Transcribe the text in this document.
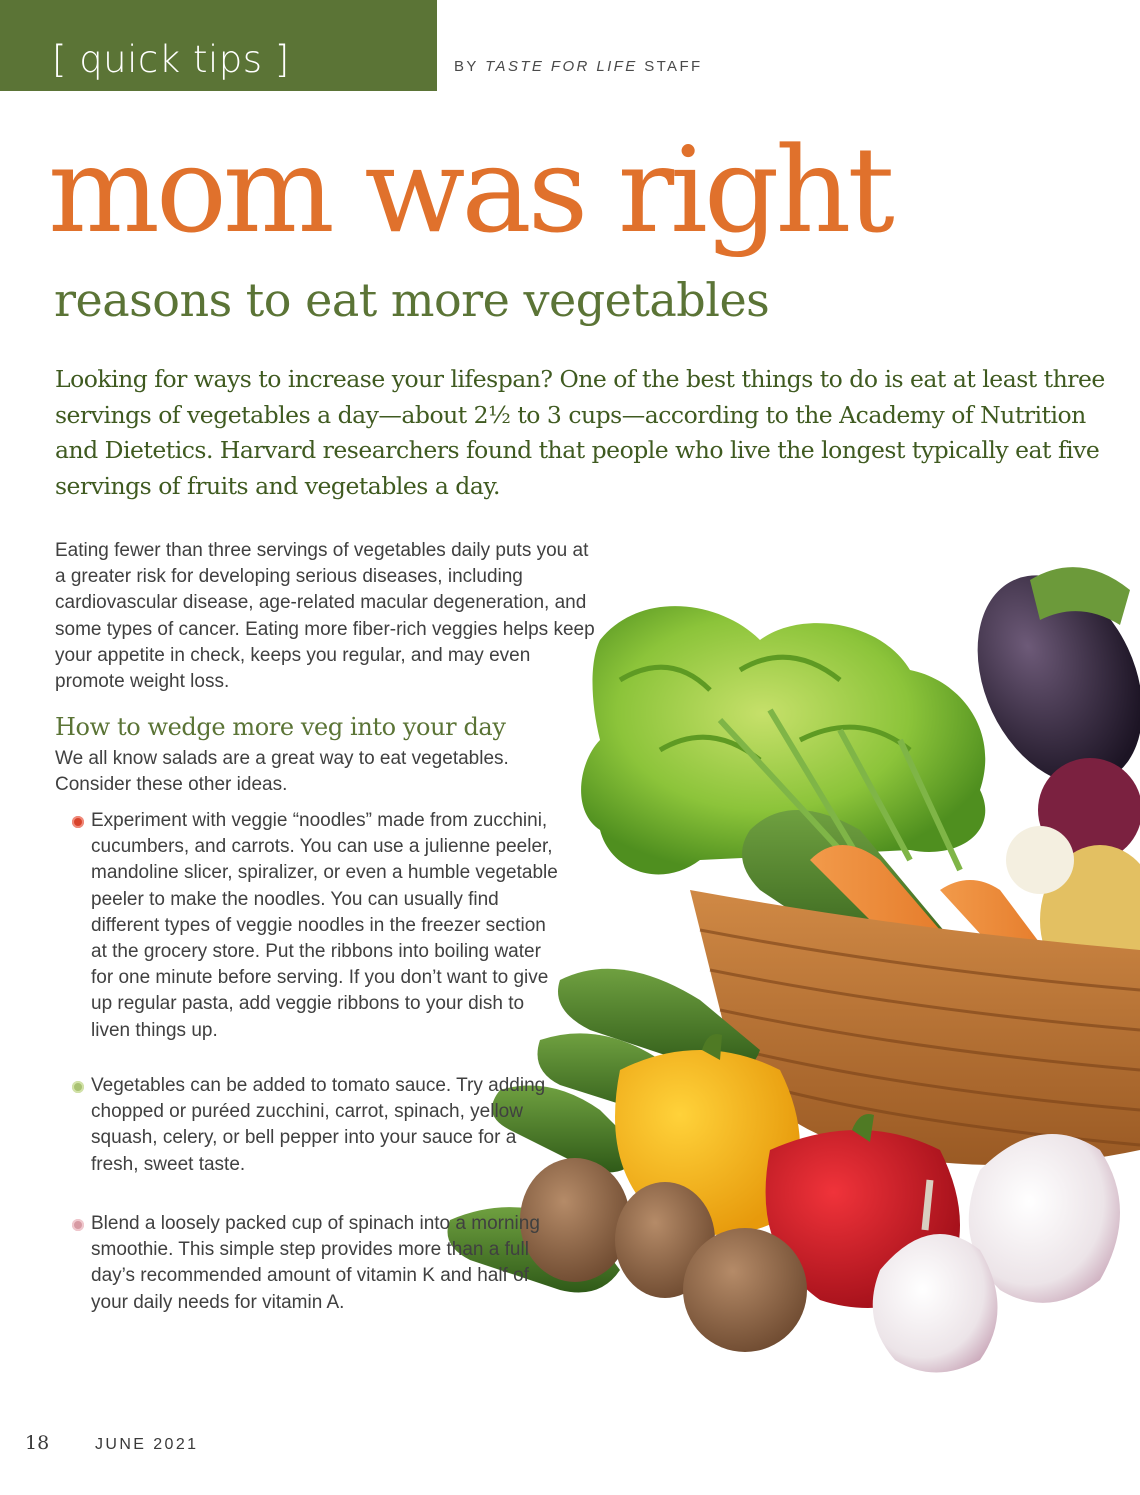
[ quick tips ]	BY TASTE FOR LIFE STAFF
mom was right
reasons to eat more vegetables
Looking for ways to increase your lifespan? One of the best things to do is eat at least three servings of vegetables a day—about 2½ to 3 cups—according to the Academy of Nutrition and Dietetics. Harvard researchers found that people who live the longest typically eat five servings of fruits and vegetables a day.
Eating fewer than three servings of vegetables daily puts you at a greater risk for developing serious diseases, including cardiovascular disease, age-related macular degeneration, and some types of cancer. Eating more fiber-rich veggies helps keep your appetite in check, keeps you regular, and may even promote weight loss.
How to wedge more veg into your day
We all know salads are a great way to eat vegetables. Consider these other ideas.
Experiment with veggie “noodles” made from zucchini, cucumbers, and carrots. You can use a julienne peeler, mandoline slicer, spiralizer, or even a humble vegetable peeler to make the noodles. You can usually find different types of veggie noodles in the freezer section at the grocery store. Put the ribbons into boiling water for one minute before serving. If you don’t want to give up regular pasta, add veggie ribbons to your dish to liven things up.
Vegetables can be added to tomato sauce. Try adding chopped or puréed zucchini, carrot, spinach, yellow squash, celery, or bell pepper into your sauce for a fresh, sweet taste.
Blend a loosely packed cup of spinach into a morning smoothie. This simple step provides more than a full day’s recommended amount of vitamin K and half of your daily needs for vitamin A.
18	JUNE 2021
